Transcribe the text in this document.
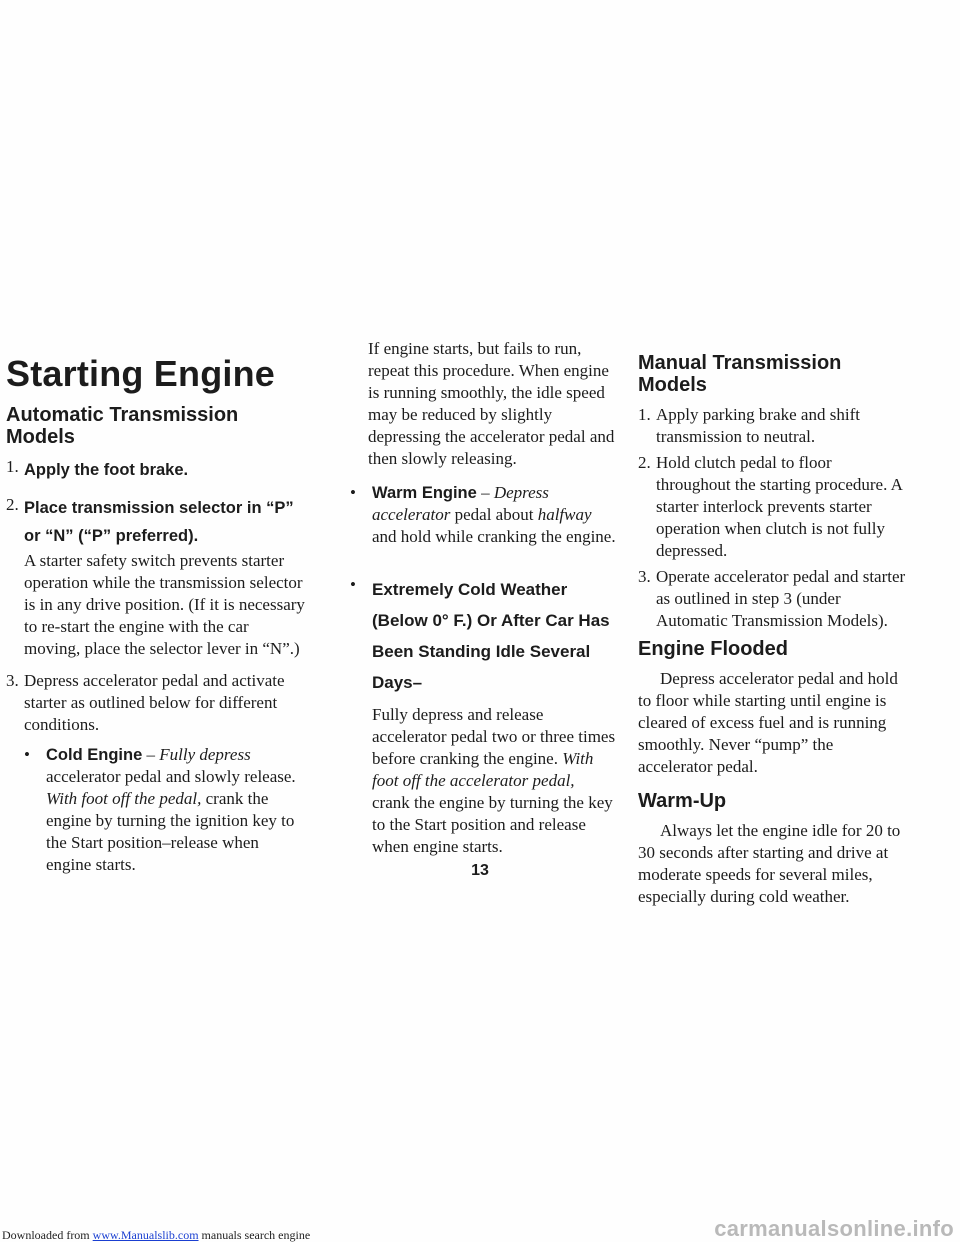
Starting Engine
Automatic Transmission Models
1. Apply the foot brake.
2. Place transmission selector in “P” or “N” (“P” preferred).

A starter safety switch prevents starter operation while the transmission selector is in any drive position. (If it is necessary to re-start the engine with the car moving, place the selector lever in “N”.)

3. Depress accelerator pedal and activate starter as outlined below for different conditions.

• Cold Engine – Fully depress accelerator pedal and slowly release. With foot off the pedal, crank the engine by turning the ignition key to the Start position–release when engine starts.

If engine starts, but fails to run, repeat this procedure. When engine is running smoothly, the idle speed may be reduced by slightly depressing the accelerator pedal and then slowly releasing.

• Warm Engine – Depress accelerator pedal about halfway and hold while cranking the engine.

• Extremely Cold Weather (Below 0° F.) Or After Car Has Been Standing Idle Several Days–

Fully depress and release accelerator pedal two or three times before cranking the engine. With foot off the accelerator pedal, crank the engine by turning the key to the Start position and release when engine starts.

Manual Transmission Models
1. Apply parking brake and shift transmission to neutral.

2. Hold clutch pedal to floor throughout the starting procedure. A starter interlock prevents starter operation when clutch is not fully depressed.

3. Operate accelerator pedal and starter as outlined in step 3 (under Automatic Transmission Models).

Engine Flooded

Depress accelerator pedal and hold to floor while starting until engine is cleared of excess fuel and is running smoothly. Never “pump” the accelerator pedal.

Warm-Up

Always let the engine idle for 20 to 30 seconds after starting and drive at moderate speeds for several miles, especially during cold weather.

13
Downloaded from www.Manualslib.com manuals search engine	carmanualsonline.info
